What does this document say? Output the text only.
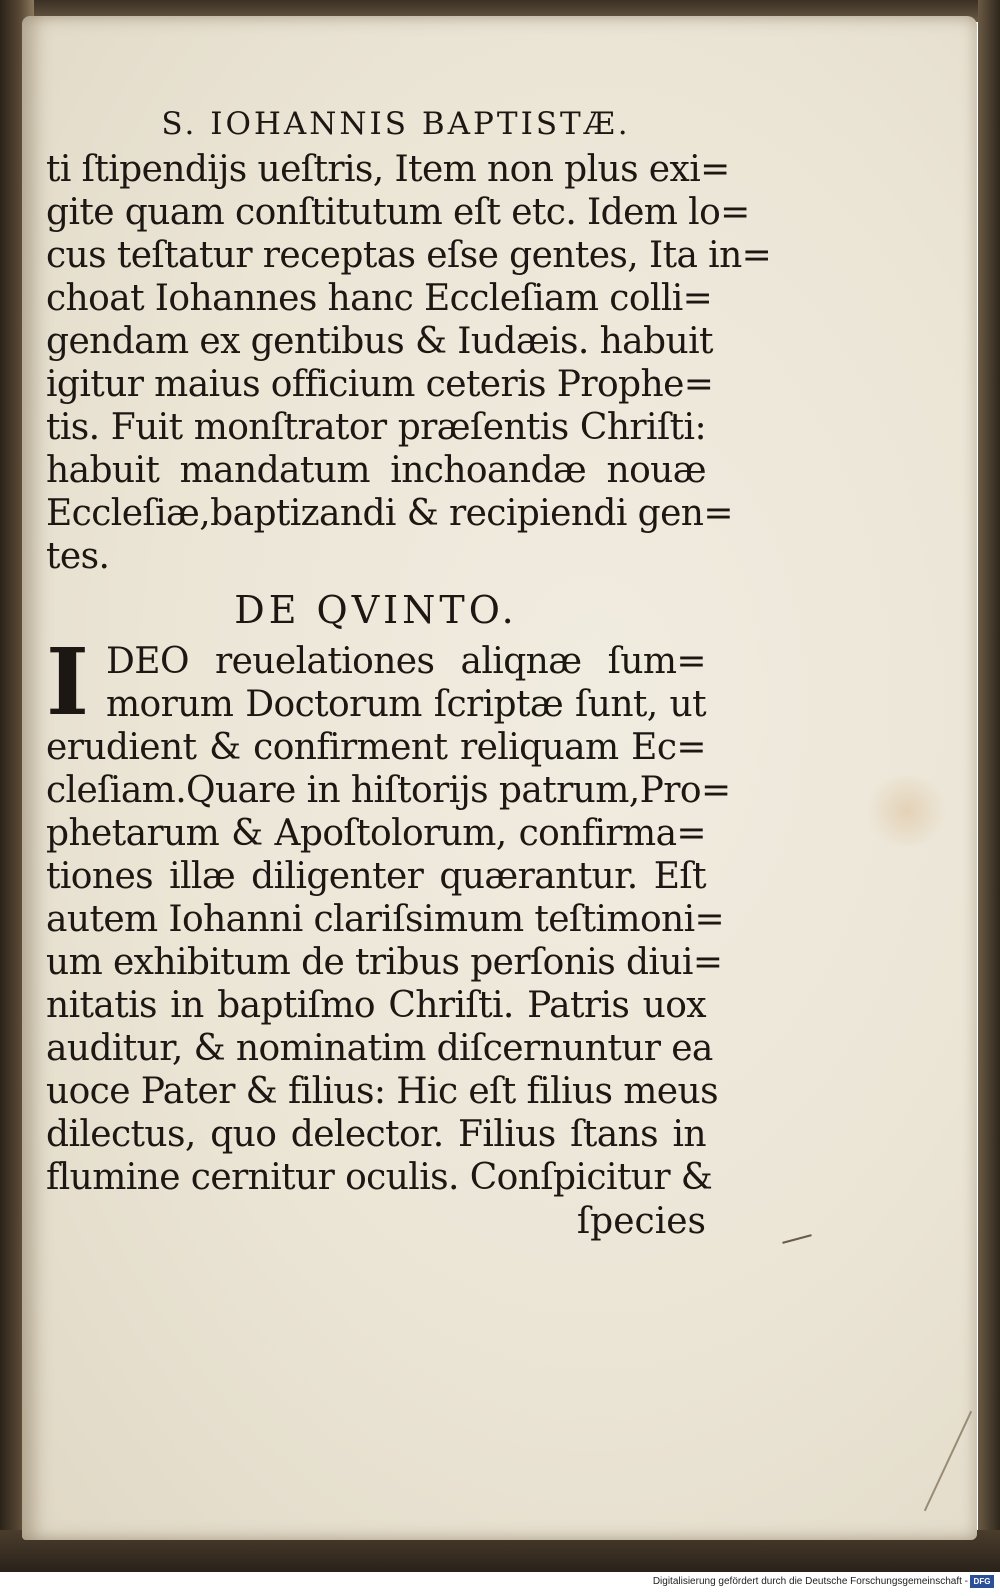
S. IOHANNIS BAPTISTÆ.
ti ſtipendijs ueſtris, Item non plus exi=
gite quam conſtitutum eſt etc. Idem lo=
cus teſtatur receptas eſse gentes, Ita in=
choat Iohannes hanc Eccleſiam colli=
gendam ex gentibus & Iudæis. habuit
igitur maius officium ceteris Prophe=
tis. Fuit monſtrator præſentis Chriſti:
habuit mandatum inchoandæ nouæ
Eccleſiæ,baptizandi & recipiendi gen=
tes.
DE QVINTO.
I DEO reuelationes aliqnæ ſum=
morum Doctorum ſcriptæ ſunt, ut
erudient & confirment reliquam Ec=
cleſiam.Quare in hiſtorijs patrum,Pro=
phetarum & Apoſtolorum, confirma=
tiones illæ diligenter quærantur. Eſt
autem Iohanni clariſsimum teſtimoni=
um exhibitum de tribus perſonis diui=
nitatis in baptiſmo Chriſti. Patris uox
auditur, & nominatim diſcernuntur ea
uoce Pater & filius: Hic eſt filius meus
dilectus, quo delector. Filius ſtans in
flumine cernitur oculis. Conſpicitur &
ſpecies
Digitalisierung gefördert durch die Deutsche Forschungsgemeinschaft - DFG
